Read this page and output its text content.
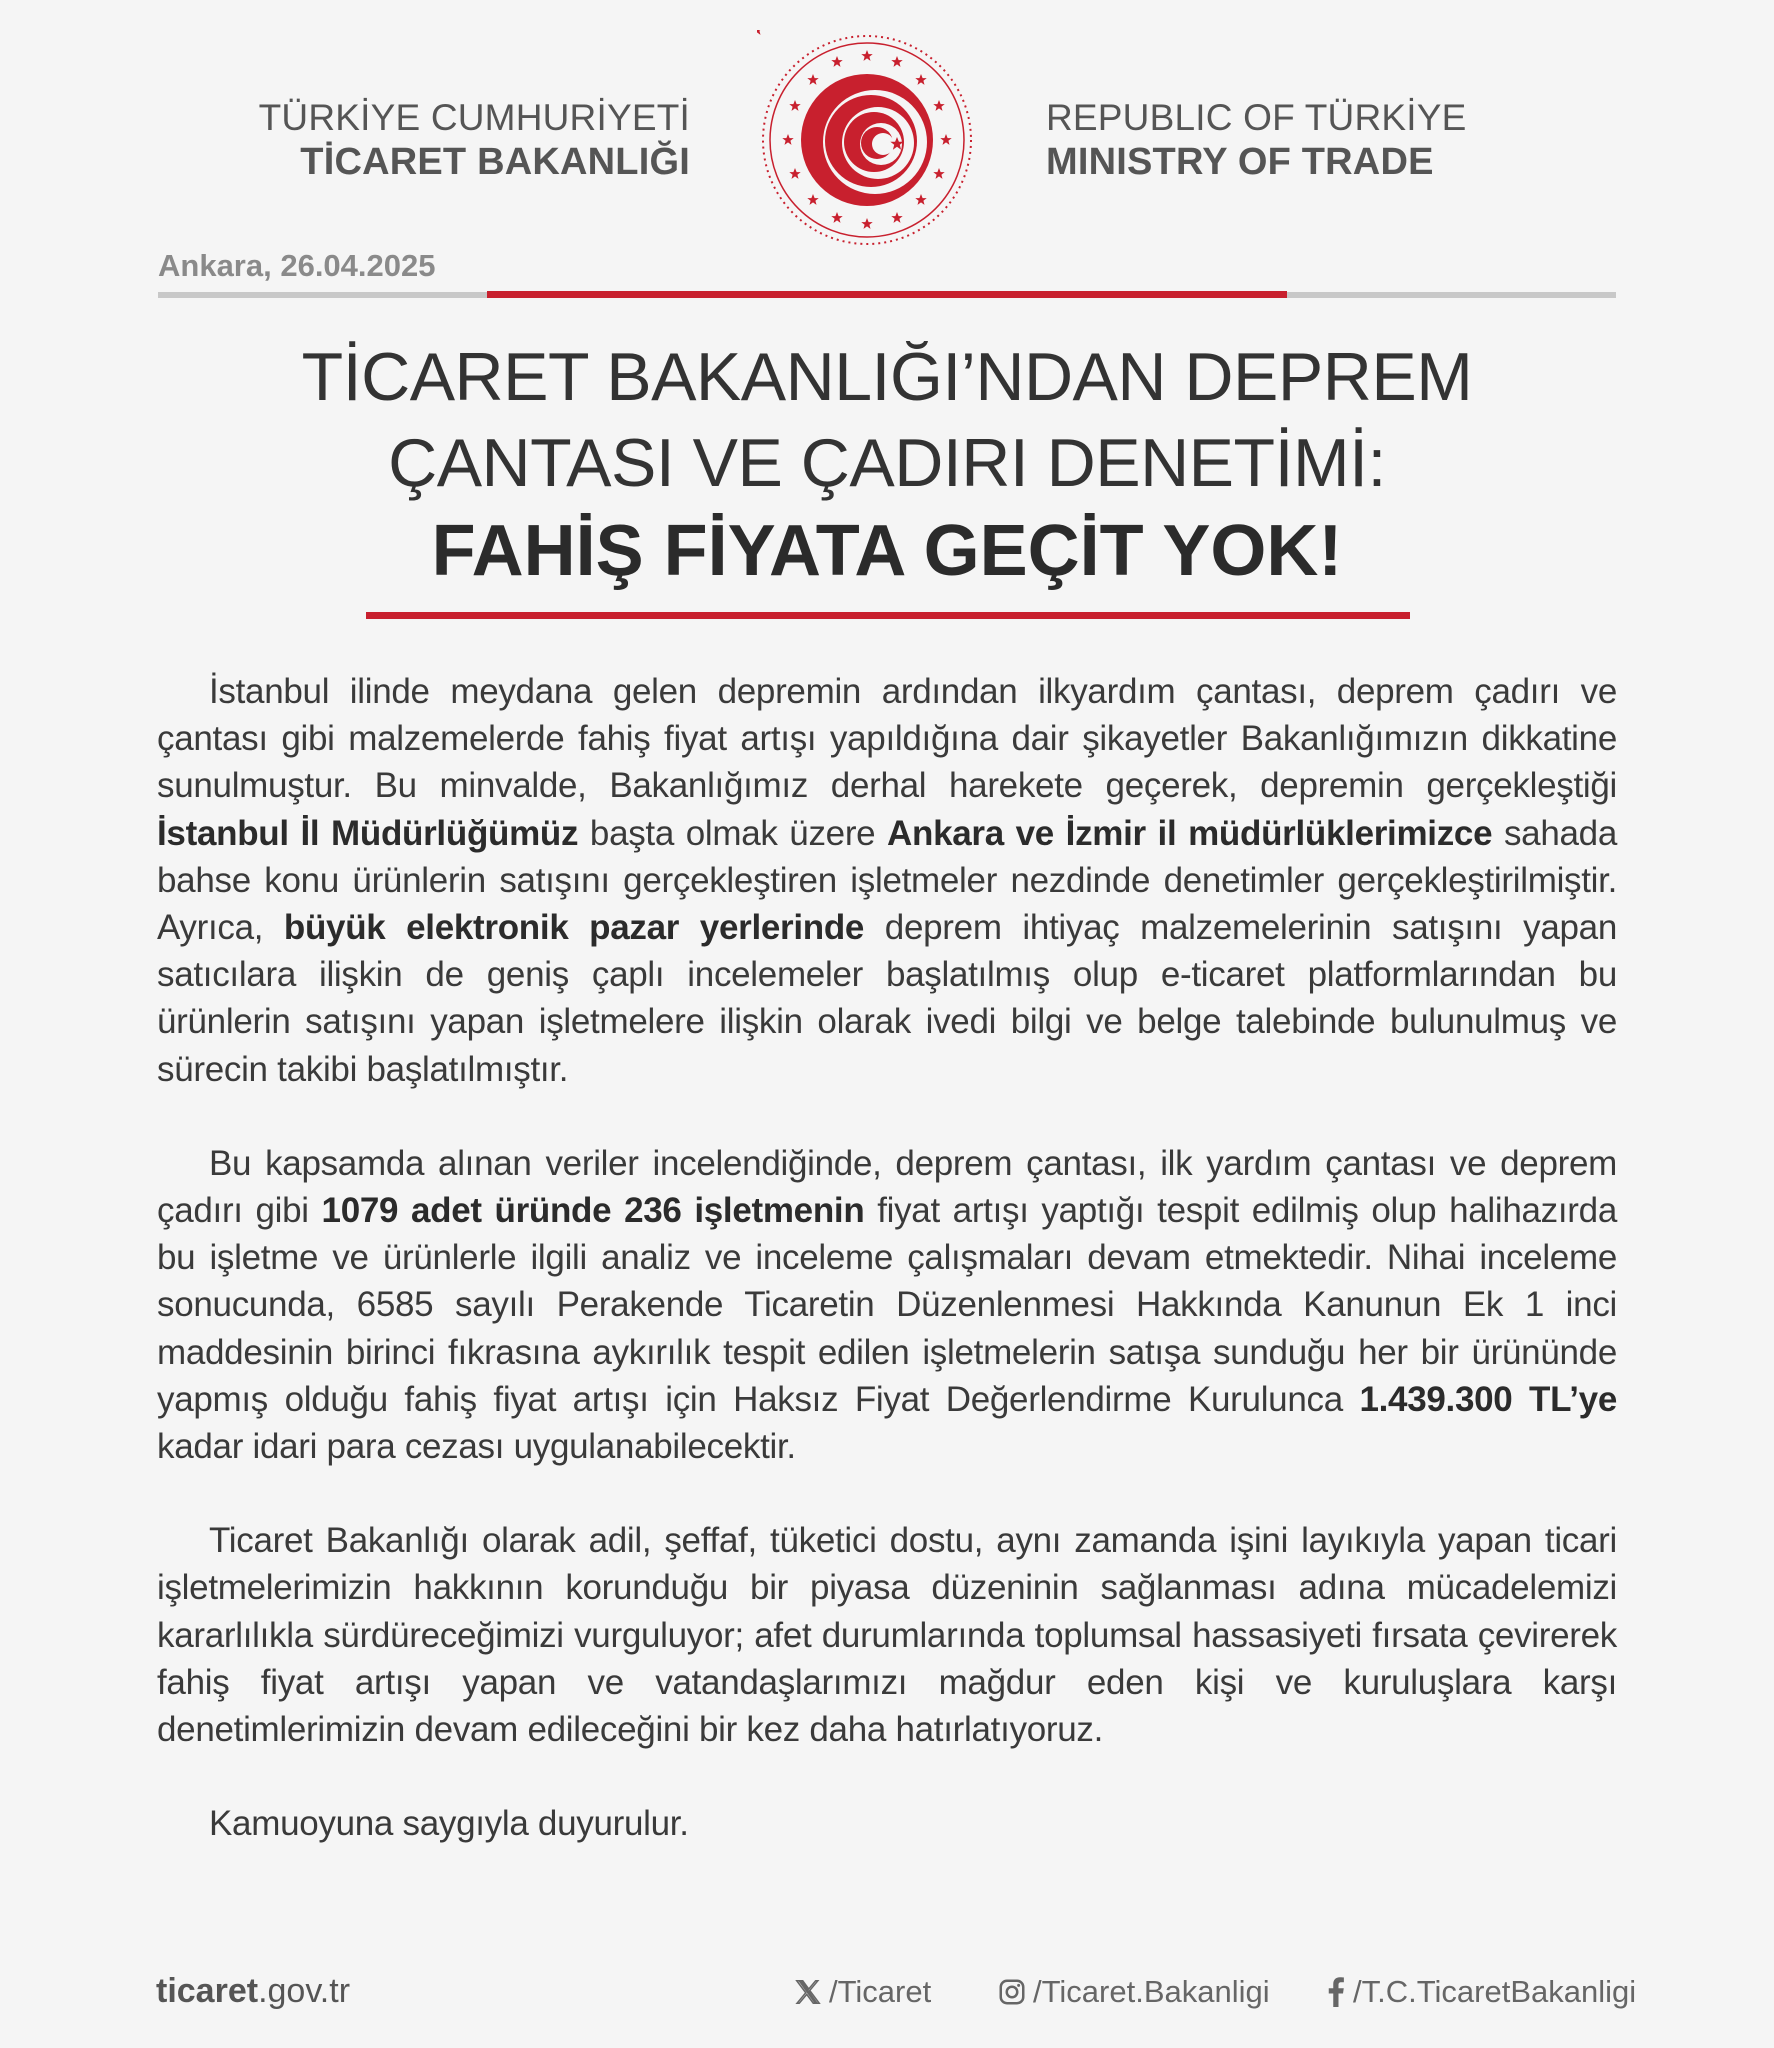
TÜRKİYE CUMHURİYETİ
TİCARET BAKANLIĞI
REPUBLIC OF TÜRKİYE
MINISTRY OF TRADE
Ankara, 26.04.2025
TİCARET BAKANLIĞI’NDAN DEPREM
ÇANTASI VE ÇADIRI DENETİMİ:
FAHİŞ FİYATA GEÇİT YOK!

İstanbul ilinde meydana gelen depremin ardından ilkyardım çantası, deprem çadırı ve çantası gibi malzemelerde fahiş fiyat artışı yapıldığına dair şikayetler Bakanlığımızın dikkatine sunulmuştur. Bu minvalde, Bakanlığımız derhal harekete geçerek, depremin gerçekleştiği İstanbul İl Müdürlüğümüz başta olmak üzere Ankara ve İzmir il müdürlüklerimizce sahada bahse konu ürünlerin satışını gerçekleştiren işletmeler nezdinde denetimler gerçekleştirilmiştir. Ayrıca, büyük elektronik pazar yerlerinde deprem ihtiyaç malzemelerinin satışını yapan satıcılara ilişkin de geniş çaplı incelemeler başlatılmış olup e-ticaret platformlarından bu ürünlerin satışını yapan işletmelere ilişkin olarak ivedi bilgi ve belge talebinde bulunulmuş ve sürecin takibi başlatılmıştır.

Bu kapsamda alınan veriler incelendiğinde, deprem çantası, ilk yardım çantası ve deprem çadırı gibi 1079 adet üründe 236 işletmenin fiyat artışı yaptığı tespit edilmiş olup halihazırda bu işletme ve ürünlerle ilgili analiz ve inceleme çalışmaları devam etmektedir. Nihai inceleme sonucunda, 6585 sayılı Perakende Ticaretin Düzenlenmesi Hakkında Kanunun Ek 1 inci maddesinin birinci fıkrasına aykırılık tespit edilen işletmelerin satışa sunduğu her bir ürününde yapmış olduğu fahiş fiyat artışı için Haksız Fiyat Değerlendirme Kurulunca 1.439.300 TL’ye kadar idari para cezası uygulanabilecektir.

Ticaret Bakanlığı olarak adil, şeffaf, tüketici dostu, aynı zamanda işini layıkıyla yapan ticari işletmelerimizin hakkının korunduğu bir piyasa düzeninin sağlanması adına mücadelemizi kararlılıkla sürdüreceğimizi vurguluyor; afet durumlarında toplumsal hassasiyeti fırsata çevirerek fahiş fiyat artışı yapan ve vatandaşlarımızı mağdur eden kişi ve kuruluşlara karşı denetimlerimizin devam edileceğini bir kez daha hatırlatıyoruz.

Kamuoyuna saygıyla duyurulur.

ticaret.gov.tr	/Ticaret	/Ticaret.Bakanligi	/T.C.TicaretBakanligi
